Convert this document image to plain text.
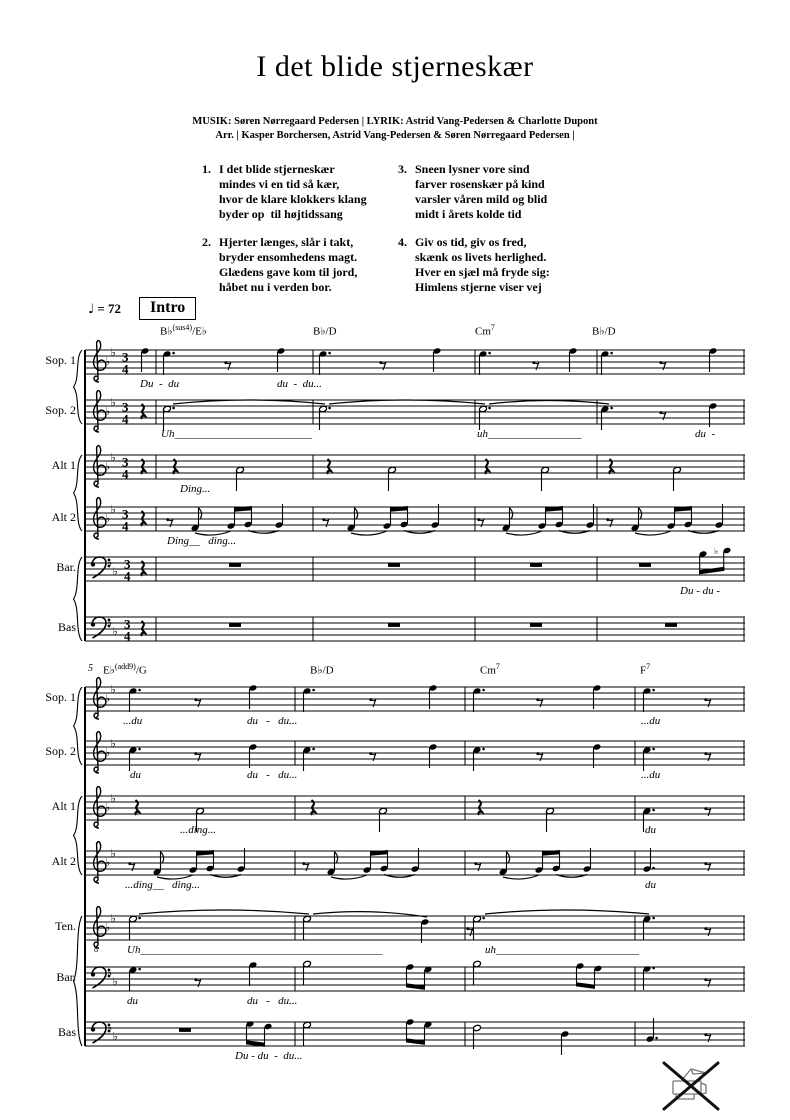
I det blide stjerneskær
MUSIK: Søren Nørregaard Pedersen | LYRIK: Astrid Vang-Pedersen & Charlotte Dupont
Arr. | Kasper Borchersen, Astrid Vang-Pedersen & Søren Nørregaard Pedersen |
1. I det blide stjerneskær
mindes vi en tid så kær,
hvor de klare klokkers klang
byder op  til højtidssang
2. Hjerter længes, slår i takt,
bryder ensomhedens magt.
Glædens gave kom til jord,
håbet nu i verden bor.
3. Sneen lysner vore sind
farver rosenskær på kind
varsler våren mild og blid
midt i årets kolde tid
4. Giv os tid, giv os fred,
skænk os livets herlighed.
Hver en sjæl må fryde sig:
Himlens stjerne viser vej
♩ = 72	Intro
B♭$^{(sus4)}$/E♭	B♭/D	Cm$^7$	B♭/D
Sop. 1
Du  -  du	du  -  du...
Sop. 2
Uh_________________________	uh_________________	du  -
Alt 1
Ding...
Alt 2
Ding__   ding...
Bar.
♭
Du - du -
Bas
5 E♭$^{(add9)}$/G	B♭/D	Cm$^7$	$F^7$
Sop. 1
...du	du   -   du...	...du
Sop. 2
du	du   -   du...	...du
Alt 1
...ding...	du
Alt 2
...ding__   ding...	du
Ten.
8	Uh____________________________________________	uh__________________________
Bar.
du	du   -   du...
Bas
Du - du  -  du...
